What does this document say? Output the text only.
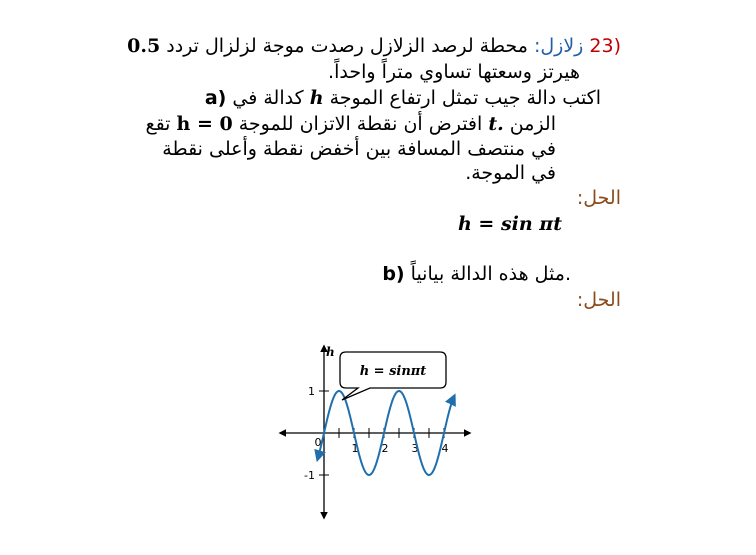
(23 زلازل: محطة لرصد الزلازل رصدت موجة لزلزال تردد 0.5
هيرتز وسعتها تساوي متراً واحداً.
a)	اكتب دالة جيب تمثل ارتفاع الموجة h كدالة في
الزمن t. افترض أن نقطة الاتزان للموجة h = 0 تقع
في منتصف المسافة بين أخفض نقطة وأعلى نقطة
في الموجة.
الحل:
h = sin πt
b) مثل هذه الدالة بيانياً.
الحل:
h
1 2 3 4
1
-1
0
h = sinπt
